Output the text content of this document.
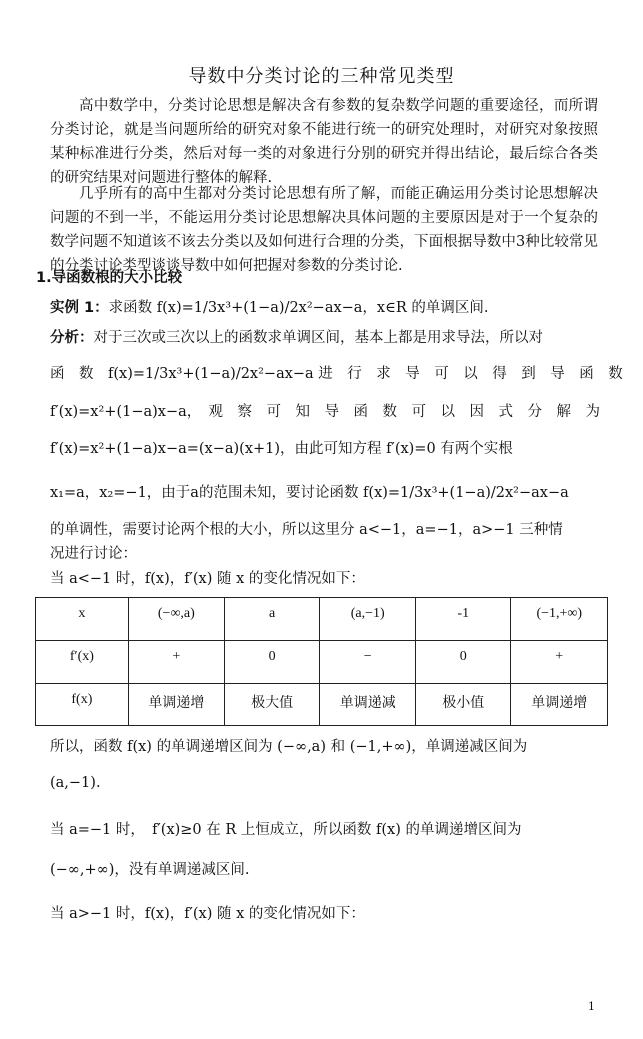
导数中分类讨论的三种常见类型
高中数学中，分类讨论思想是解决含有参数的复杂数学问题的重要途径，而所谓分类讨论，就是当问题所给的研究对象不能进行统一的研究处理时，对研究对象按照某种标准进行分类，然后对每一类的对象进行分别的研究并得出结论，最后综合各类的研究结果对问题进行整体的解释.
几乎所有的高中生都对分类讨论思想有所了解，而能正确运用分类讨论思想解决问题的不到一半，不能运用分类讨论思想解决具体问题的主要原因是对于一个复杂的数学问题不知道该不该去分类以及如何进行合理的分类，下面根据导数中3种比较常见的分类讨论类型谈谈导数中如何把握对参数的分类讨论.
1.导函数根的大小比较
实例 1：求函数 f(x)=1/3x³+(1−a)/2x²−ax−a，x∈R 的单调区间.
分析：对于三次或三次以上的函数求单调区间，基本上都是用求导法，所以对
函　数　f(x)=1/3x³+(1−a)/2x²−ax−a 进　行　求　导　可　以　得　到　导　函　数
f′(x)=x²+(1−a)x−a，　观　察　可　知　导　函　数　可　以　因　式　分　解　为
f′(x)=x²+(1−a)x−a=(x−a)(x+1)，由此可知方程 f′(x)=0 有两个实根
x₁=a，x₂=−1，由于a的范围未知，要讨论函数 f(x)=1/3x³+(1−a)/2x²−ax−a
的单调性，需要讨论两个根的大小，所以这里分 a<−1，a=−1，a>−1 三种情
况进行讨论：
当 a<−1 时，f(x)，f′(x) 随 x 的变化情况如下：
x	(−∞,a)	a	(a,−1)	-1	(−1,+∞)
f′(x)	+	0	−	0	+
f(x)	单调递增	极大值	单调递减	极小值	单调递增
所以，函数 f(x) 的单调递增区间为 (−∞,a) 和 (−1,+∞)，单调递减区间为
(a,−1).
当 a=−1 时，　f′(x)≥0 在 R 上恒成立，所以函数 f(x) 的单调递增区间为
(−∞,+∞)，没有单调递减区间.
当 a>−1 时，f(x)，f′(x) 随 x 的变化情况如下：
1
